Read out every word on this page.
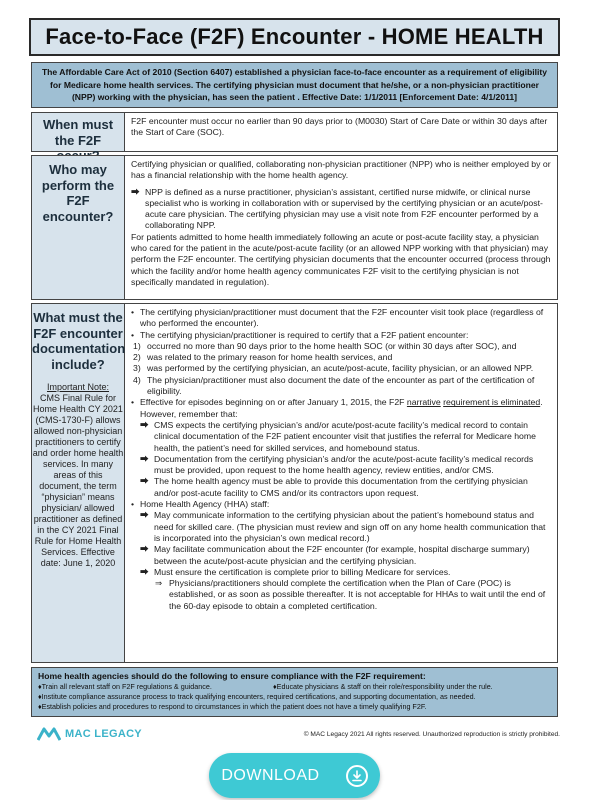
Face-to-Face (F2F) Encounter - HOME HEALTH
The Affordable Care Act of 2010 (Section 6407) established a physician face-to-face encounter as a requirement of eligibility for Medicare home health services. The certifying physician must document that he/she, or a non-physician practitioner (NPP) working with the physician, has seen the patient . Effective Date: 1/1/2011 [Enforcement Date: 4/1/2011]
When must the F2F
F2F encounter must occur no earlier than 90 days prior to (M0030) Start of Care Date or within 30 days after the Start of Care (SOC).
Who may perform the F2F encounter?

Certifying physician or qualified, collaborating non-physician practitioner (NPP) who is neither employed by or has a financial relationship with the home health agency.

⮕ NPP is defined as a nurse practitioner, physician’s assistant, certified nurse midwife, or clinical nurse specialist who is working in collaboration with or supervised by the certifying physician or an acute/post-acute care physician. The certifying physician may use a visit note from F2F encounter performed by a collaborating NPP.

For patients admitted to home health immediately following an acute or post-acute facility stay, a physician who cared for the patient in the acute/post-acute facility (or an allowed NPP working with that physician) may perform the F2F encounter. The certifying physician documents that the encounter occurred (process through which the facility and/or home health agency communicates F2F visit to the certifying physician is not specifically mandated in regulation).

What must the F2F encounter documentation include?
Important Note:
CMS Final Rule for Home Health CY 2021 (CMS-1730-F) allows allowed non-physician practitioners to certify and order home health services. In many areas of this document, the term “physician” means physician/ allowed practitioner as defined in the CY 2021 Final Rule for Home Health Services. Effective date: June 1, 2020
• The certifying physician/practitioner must document that the F2F encounter visit took place (regardless of who performed the encounter).
• The certifying physician/practitioner is required to certify that a F2F patient encounter:
1) occurred no more than 90 days prior to the home health SOC (or within 30 days after SOC), and
2) was related to the primary reason for home health services, and
3) was performed by the certifying physician, an acute/post-acute, facility physician, or an allowed NPP.
4) The physician/practitioner must also document the date of the encounter as part of the certification of eligibility.
• Effective for episodes beginning on or after January 1, 2015, the F2F narrative requirement is eliminated. However, remember that:
⮕ CMS expects the certifying physician’s and/or acute/post-acute facility’s medical record to contain clinical documentation of the F2F patient encounter visit that justifies the referral for Medicare home health, the patient’s need for skilled services, and homebound status.
⮕ Documentation from the certifying physician’s and/or the acute/post-acute facility’s medical records must be provided, upon request to the home health agency, review entities, and/or CMS.
⮕ The home health agency must be able to provide this documentation from the certifying physician and/or post-acute facility to CMS and/or its contractors upon request.
• Home Health Agency (HHA) staff:
⮕ May communicate information to the certifying physician about the patient’s homebound status and need for skilled care. (The physician must review and sign off on any home health communication that is incorporated into the physician’s own medical record.)
⮕ May facilitate communication about the F2F encounter (for example, hospital discharge summary) between the acute/post-acute physician and the certifying physician.
⮕ Must ensure the certification is complete prior to billing Medicare for services.
⇒ Physicians/practitioners should complete the certification when the Plan of Care (POC) is established, or as soon as possible thereafter. It is not acceptable for HHAs to wait until the end of the 60-day episode to obtain a completed certification.
Home health agencies should do the following to ensure compliance with the F2F requirement:
♦Train all relevant staff on F2F regulations & guidance.	♦Educate physicians & staff on their role/responsibility under the rule.
♦Institute compliance assurance process to track qualifying encounters, required certifications, and supporting documentation, as needed.
♦Establish policies and procedures to respond to circumstances in which the patient does not have a timely qualifying F2F.
MAC LEGACY	© MAC Legacy 2021 All rights reserved. Unauthorized reproduction is strictly prohibited.
DOWNLOAD
